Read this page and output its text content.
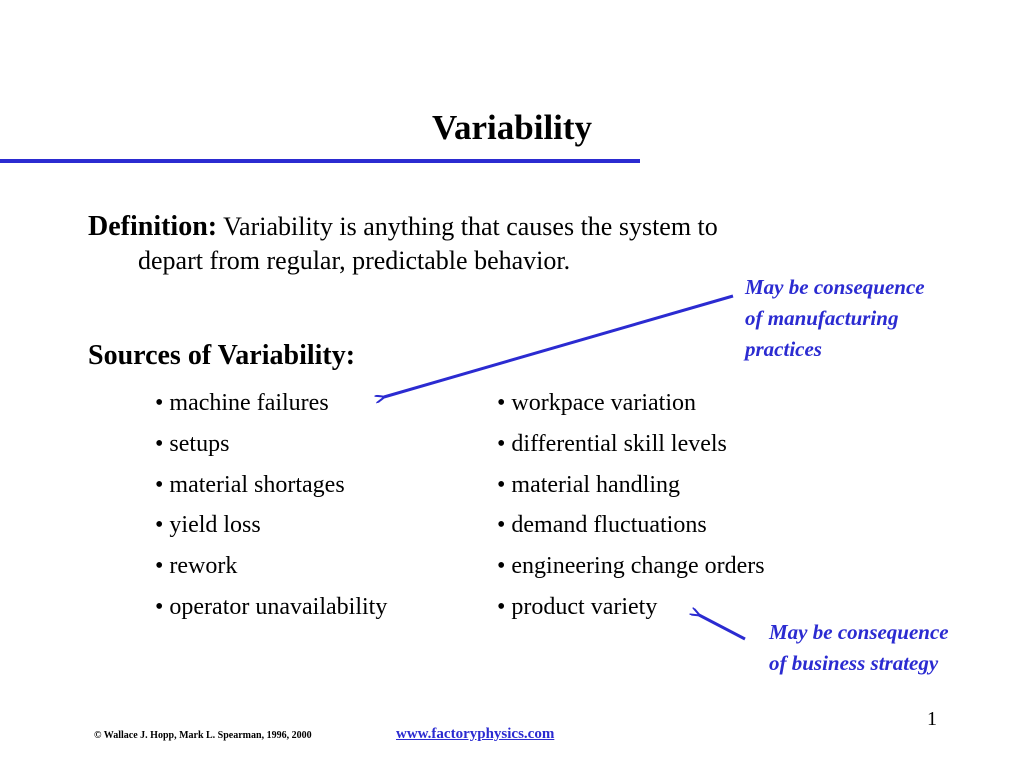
Variability
Definition: Variability is anything that causes the system to
depart from regular, predictable behavior.
Sources of Variability:
• machine failures
• setups
• material shortages
• yield loss
• rework
• operator unavailability
• workpace variation
• differential skill levels
• material handling
• demand fluctuations
• engineering change orders
• product variety
May be consequence
of manufacturing
practices
May be consequence
of business strategy
© Wallace J. Hopp, Mark L. Spearman, 1996, 2000	www.factoryphysics.com
1
